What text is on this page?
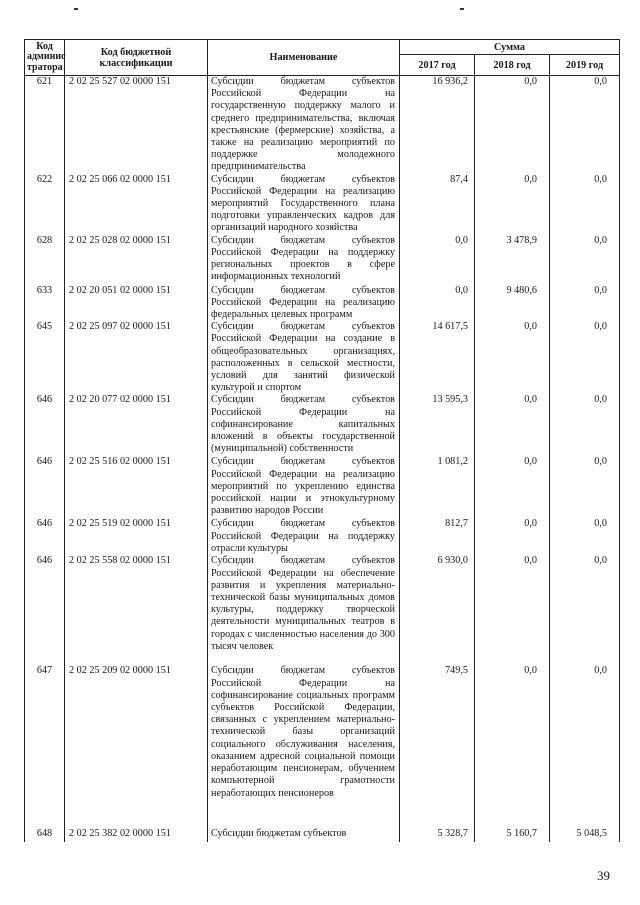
Код
админис
тратора	Код бюджетной классификации	Наименование	Сумма		
			2017 год	2018 год	2019 год
621	2 02 25 527 02 0000 151	Субсидии бюджетам субъектов Российской Федерации на государственную поддержку малого и среднего предпринимательства, включая крестьянские (фермерские) хозяйства, а также на реализацию мероприятий по поддержке молодежного предпринимательства	16 936,2	0,0	0,0
622	2 02 25 066 02 0000 151	Субсидии бюджетам субъектов Российской Федерации на реализацию мероприятий Государственного плана подготовки управленческих кадров для организаций народного хозяйства	87,4	0,0	0,0
628	2 02 25 028 02 0000 151	Субсидии бюджетам субъектов Российской Федерации на поддержку региональных проектов в сфере информационных технологий	0,0	3 478,9	0,0
633	2 02 20 051 02 0000 151	Субсидии бюджетам субъектов Российской Федерации на реализацию федеральных целевых программ	0,0	9 480,6	0,0
645	2 02 25 097 02 0000 151	Субсидии бюджетам субъектов Российской Федерации на создание в общеобразовательных организациях, расположенных в сельской местности, условий для занятий физической культурой и спортом	14 617,5	0,0	0,0
646	2 02 20 077 02 0000 151	Субсидии бюджетам субъектов Российской Федерации на софинансирование капитальных вложений в объекты государственной (муниципальной) собственности	13 595,3	0,0	0,0
646	2 02 25 516 02 0000 151	Субсидии бюджетам субъектов Российской Федерации на реализацию мероприятий по укреплению единства российской нации и этнокультурному развитию народов России	1 081,2	0,0	0,0
646	2 02 25 519 02 0000 151	Субсидии бюджетам субъектов Российской Федерации на поддержку отрасли культуры	812,7	0,0	0,0
646	2 02 25 558 02 0000 151	Субсидии бюджетам субъектов Российской Федерации на обеспечение развития и укрепления материально-технической базы муниципальных домов культуры, поддержку творческой деятельности муниципальных театров в городах с численностью населения до 300 тысяч человек	6 930,0	0,0	0,0
647	2 02 25 209 02 0000 151	Субсидии бюджетам субъектов Российской Федерации на софинансирование социальных программ субъектов Российской Федерации, связанных с укреплением материально-технической базы организаций социального обслуживания населения, оказанием адресной социальной помощи неработающим пенсионерам, обучением компьютерной грамотности неработающих пенсионеров	749,5	0,0	0,0
648	2 02 25 382 02 0000 151	Субсидии бюджетам субъектов	5 328,7	5 160,7	5 048,5
39
